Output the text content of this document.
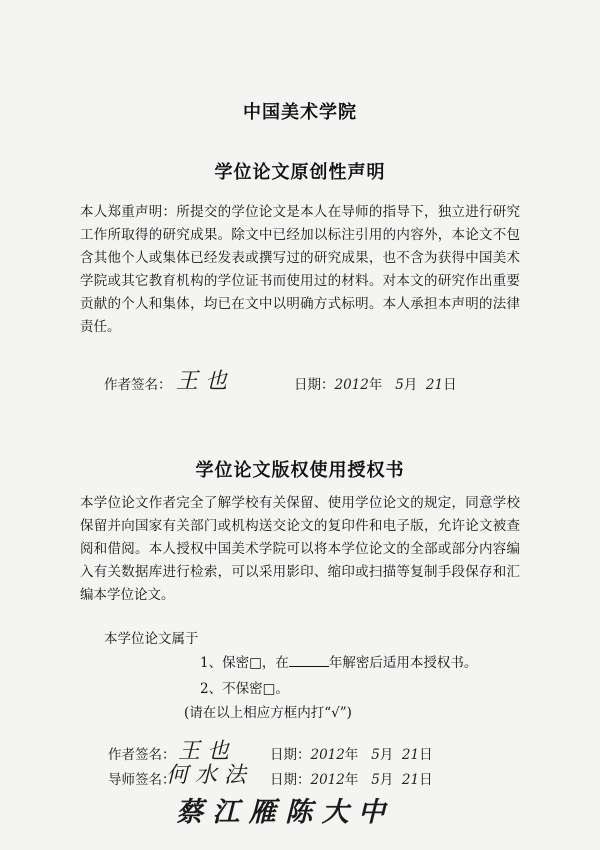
中国美术学院
学位论文原创性声明
本人郑重声明：所提交的学位论文是本人在导师的指导下，独立进行研究工作所取得的研究成果。除文中已经加以标注引用的内容外，本论文不包含其他个人或集体已经发表或撰写过的研究成果，也不含为获得中国美术学院或其它教育机构的学位证书而使用过的材料。对本文的研究作出重要贡献的个人和集体，均已在文中以明确方式标明。本人承担本声明的法律责任。
作者签名： 王 也	日期：2012年 5月 21日
学位论文版权使用授权书
本学位论文作者完全了解学校有关保留、使用学位论文的规定，同意学校保留并向国家有关部门或机构送交论文的复印件和电子版，允许论文被查阅和借阅。本人授权中国美术学院可以将本学位论文的全部或部分内容编入有关数据库进行检索，可以采用影印、缩印或扫描等复制手段保存和汇编本学位论文。
本学位论文属于
1、保密□，在	年解密后适用本授权书。
2、不保密□。
(请在以上相应方框内打“√”)
作者签名： 王 也	日期：2012年 5月 21日
导师签名：
何 水 法 日期：2012年 5月 21日
蔡 江 雁 陈 大 中
